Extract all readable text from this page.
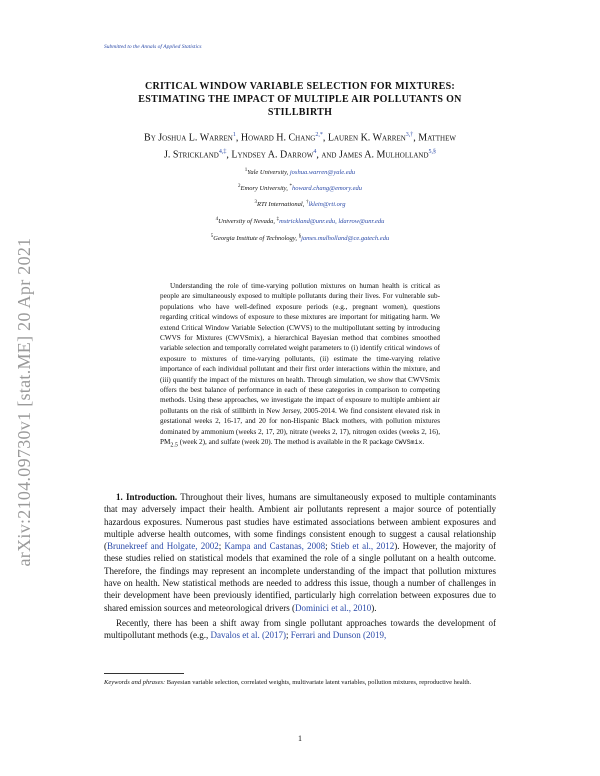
Submitted to the Annals of Applied Statistics
arXiv:2104.09730v1 [stat.ME] 20 Apr 2021
CRITICAL WINDOW VARIABLE SELECTION FOR MIXTURES:
ESTIMATING THE IMPACT OF MULTIPLE AIR POLLUTANTS ON
STILLBIRTH
By Joshua L. Warren$^1$, Howard H. Chang$^{2,*}$, Lauren K. Warren$^{3,\dagger}$, Matthew
J. Strickland$^{4,\ddagger}$, Lyndsey A. Darrow$^4$, and James A. Mulholland$^{5,\S}$
$^1$Yale University, joshua.warren@yale.edu
$^2$Emory University, *howard.chang@emory.edu
$^3$RTI International, †lklein@rti.org
$^4$University of Nevada, ‡mstrickland@unr.edu, ldarrow@unr.edu
$^5$Georgia Institute of Technology, §james.mulholland@ce.gatech.edu
Understanding the role of time-varying pollution mixtures on human health is critical as people are simultaneously exposed to multiple pollutants during their lives. For vulnerable sub-populations who have well-defined exposure periods (e.g., pregnant women), questions regarding critical windows of exposure to these mixtures are important for mitigating harm. We extend Critical Window Variable Selection (CWVS) to the multipollutant setting by introducing CWVS for Mixtures (CWVSmix), a hierarchical Bayesian method that combines smoothed variable selection and temporally correlated weight parameters to (i) identify critical windows of exposure to mixtures of time-varying pollutants, (ii) estimate the time-varying relative importance of each individual pollutant and their first order interactions within the mixture, and (iii) quantify the impact of the mixtures on health. Through simulation, we show that CWVSmix offers the best balance of performance in each of these categories in comparison to competing methods. Using these approaches, we investigate the impact of exposure to multiple ambient air pollutants on the risk of stillbirth in New Jersey, 2005-2014. We find consistent elevated risk in gestational weeks 2, 16-17, and 20 for non-Hispanic Black mothers, with pollution mixtures dominated by ammonium (weeks 2, 17, 20), nitrate (weeks 2, 17), nitrogen oxides (weeks 2, 16), $PM_{2.5}$ (week 2), and sulfate (week 20). The method is available in the R package CWVSmix.

1. Introduction. Throughout their lives, humans are simultaneously exposed to multiple contaminants that may adversely impact their health. Ambient air pollutants represent a major source of potentially hazardous exposures. Numerous past studies have estimated associations between ambient exposures and multiple adverse health outcomes, with some findings consistent enough to suggest a causal relationship (Brunekreef and Holgate, 2002; Kampa and Castanas, 2008; Stieb et al., 2012). However, the majority of these studies relied on statistical models that examined the role of a single pollutant on a health outcome. Therefore, the findings may represent an incomplete understanding of the impact that pollution mixtures have on health. New statistical methods are needed to address this issue, though a number of challenges in their development have been previously identified, particularly high correlation between exposures due to shared emission sources and meteorological drivers (Dominici et al., 2010).

Recently, there has been a shift away from single pollutant approaches towards the development of multipollutant methods (e.g., Davalos et al. (2017); Ferrari and Dunson (2019,

Keywords and phrases: Bayesian variable selection, correlated weights, multivariate latent variables, pollution mixtures, reproductive health.
1
